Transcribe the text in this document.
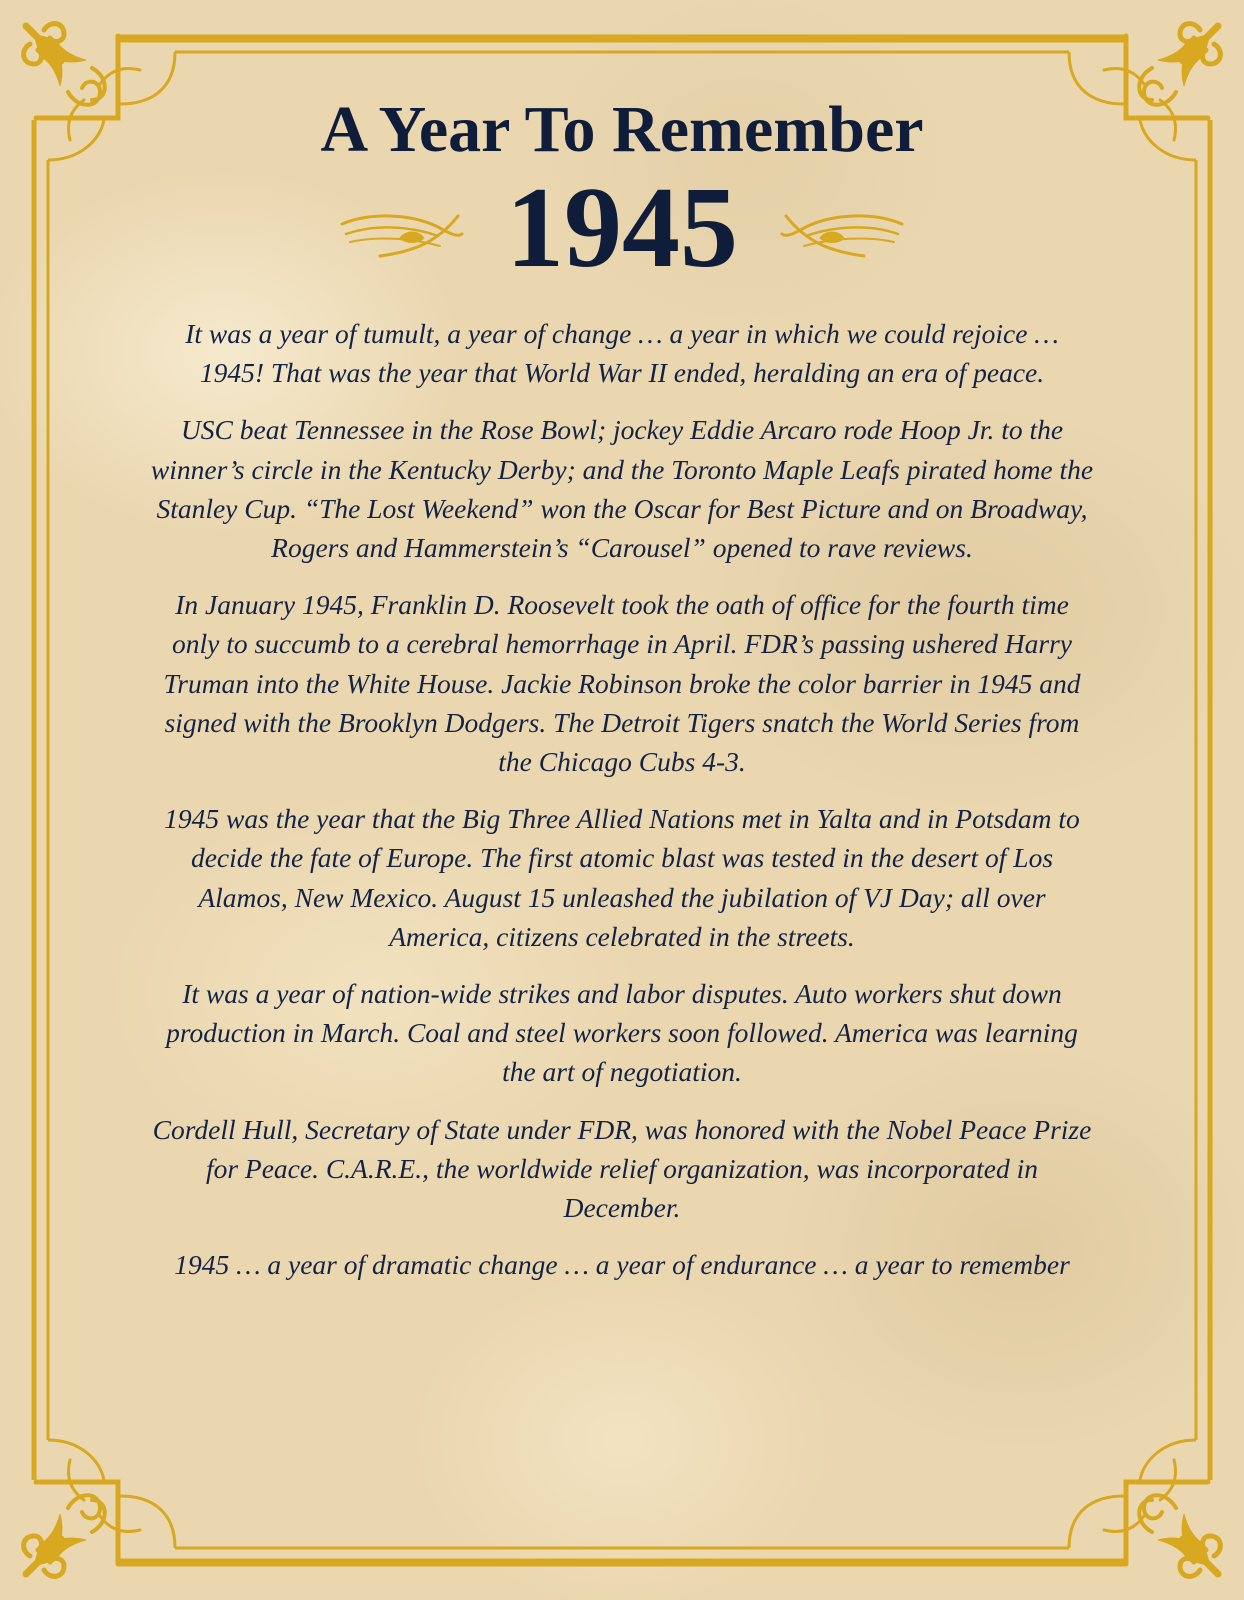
A Year To Remember
1945

It was a year of tumult, a year of change … a year in which we could rejoice … 1945! That was the year that World War II ended, heralding an era of peace.

USC beat Tennessee in the Rose Bowl; jockey Eddie Arcaro rode Hoop Jr. to the winner’s circle in the Kentucky Derby; and the Toronto Maple Leafs pirated home the Stanley Cup. “The Lost Weekend” won the Oscar for Best Picture and on Broadway, Rogers and Hammerstein’s “Carousel” opened to rave reviews.

In January 1945, Franklin D. Roosevelt took the oath of office for the fourth time only to succumb to a cerebral hemorrhage in April. FDR’s passing ushered Harry Truman into the White House. Jackie Robinson broke the color barrier in 1945 and signed with the Brooklyn Dodgers. The Detroit Tigers snatch the World Series from the Chicago Cubs 4-3.

1945 was the year that the Big Three Allied Nations met in Yalta and in Potsdam to decide the fate of Europe. The first atomic blast was tested in the desert of Los Alamos, New Mexico. August 15 unleashed the jubilation of VJ Day; all over America, citizens celebrated in the streets.

It was a year of nation-wide strikes and labor disputes. Auto workers shut down production in March. Coal and steel workers soon followed. America was learning the art of negotiation.

Cordell Hull, Secretary of State under FDR, was honored with the Nobel Peace Prize for Peace. C.A.R.E., the worldwide relief organization, was incorporated in December.

1945 … a year of dramatic change … a year of endurance … a year to remember
